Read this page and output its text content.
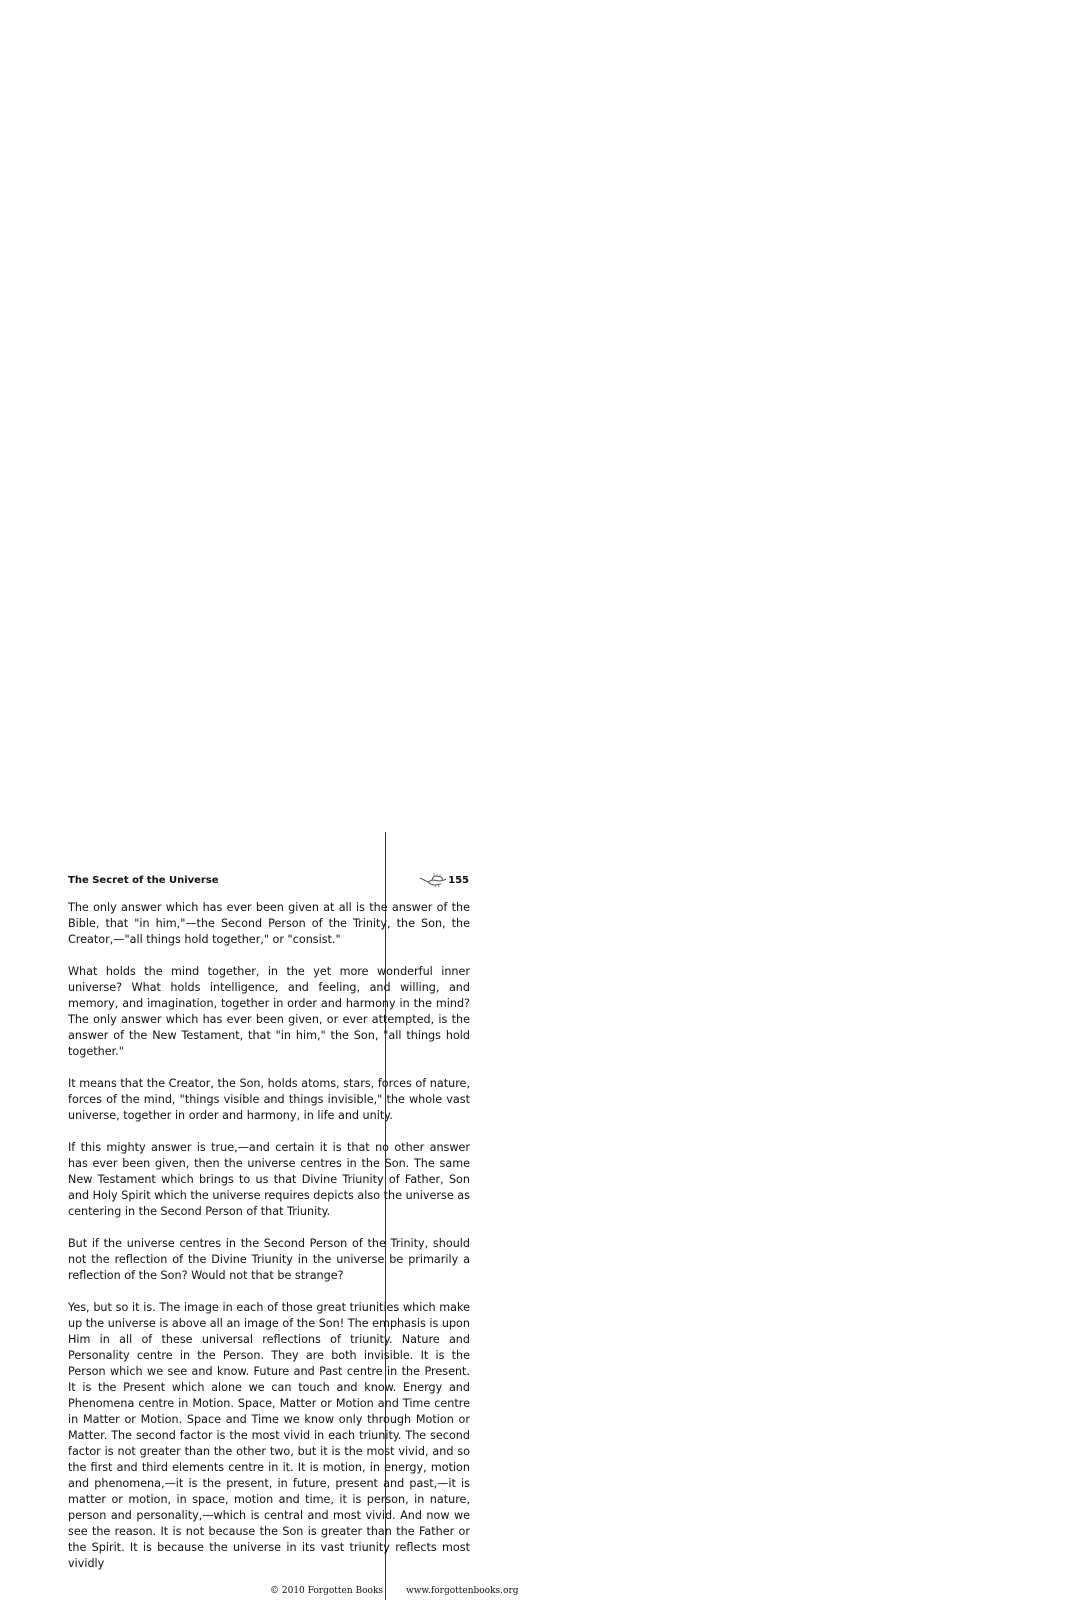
The Secret of the Universe	155

The only answer which has ever been given at all is the answer of the Bible, that "in him,"—the Second Person of the Trinity, the Son, the Creator,—"all things hold together," or "consist."

What holds the mind together, in the yet more wonderful inner universe? What holds intelligence, and feeling, and willing, and memory, and imagination, together in order and harmony in the mind? The only answer which has ever been given, or ever attempted, is the answer of the New Testament, that "in him," the Son, "all things hold together."

It means that the Creator, the Son, holds atoms, stars, forces of nature, forces of the mind, "things visible and things invisible," the whole vast universe, together in order and harmony, in life and unity.

If this mighty answer is true,—and certain it is that no other answer has ever been given, then the universe centres in the Son. The same New Testament which brings to us that Divine Triunity of Father, Son and Holy Spirit which the universe requires depicts also the universe as centering in the Second Person of that Triunity.

But if the universe centres in the Second Person of the Trinity, should not the reflection of the Divine Triunity in the universe be primarily a reflection of the Son? Would not that be strange?

Yes, but so it is. The image in each of those great triunities which make up the universe is above all an image of the Son! The emphasis is upon Him in all of these universal reflections of triunity. Nature and Personality centre in the Person. They are both invisible. It is the Person which we see and know. Future and Past centre in the Present. It is the Present which alone we can touch and know. Energy and Phenomena centre in Motion. Space, Matter or Motion and Time centre in Matter or Motion. Space and Time we know only through Motion or Matter. The second factor is the most vivid in each triunity. The second factor is not greater than the other two, but it is the most vivid, and so the first and third elements centre in it. It is motion, in energy, motion and phenomena,—it is the present, in future, present and past,—it is matter or motion, in space, motion and time, it is person, in nature, person and personality,—which is central and most vivid. And now we see the reason. It is not because the Son is greater than the Father or the Spirit. It is because the universe in its vast triunity reflects most vividly

© 2010 Forgotten Books	www.forgottenbooks.org
